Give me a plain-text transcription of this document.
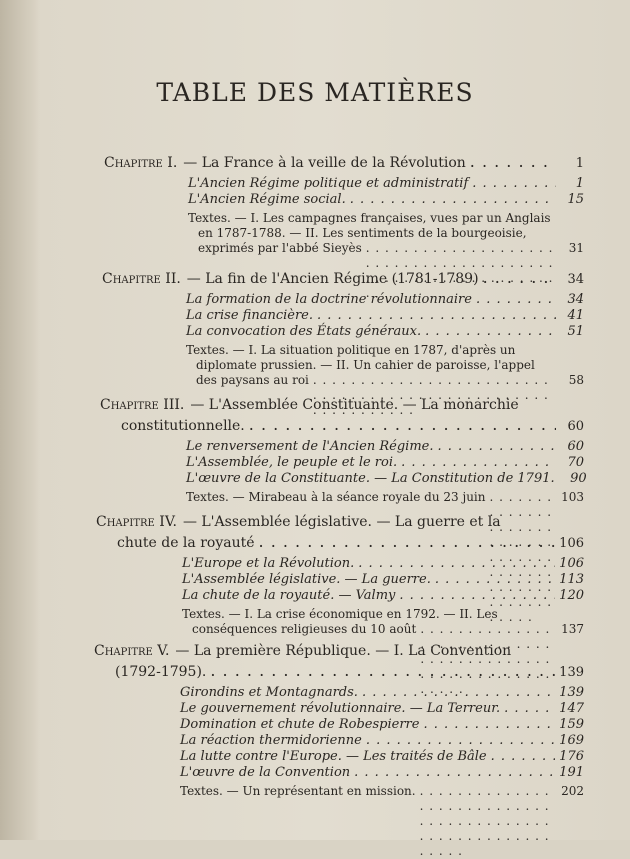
TABLE DES MATIÈRES
Chapitre I. — La France à la veille de la Révolution . . .	1
L'Ancien Régime politique et administratif . . .	1
L'Ancien Régime social. . . .	15
Textes. — I. Les campagnes françaises, vues par un Anglais
en 1787-1788. — II. Les sentiments de la bourgeoisie,
exprimés par l'abbé Sieyès . . .	31
Chapitre II. — La fin de l'Ancien Régime (1781-1789) . . .	34
La formation de la doctrine révolutionnaire . . .	34
La crise financière. . . .	41
La convocation des États généraux. . . .	51
Textes. — I. La situation politique en 1787, d'après un
diplomate prussien. — II. Un cahier de paroisse, l'appel
des paysans au roi . . .	58
Chapitre III. — L'Assemblée Constituante. — La monarchie
constitutionnelle. . . .	60
Le renversement de l'Ancien Régime. . . .	60
L'Assemblée, le peuple et le roi. . . .	70
L'œuvre de la Constituante. — La Constitution de 1791.	90
Textes. — Mirabeau à la séance royale du 23 juin . . .	103
Chapitre IV. — L'Assemblée législative. — La guerre et la
chute de la royauté . . .	106
L'Europe et la Révolution. . . .	106
L'Assemblée législative. — La guerre. . . .	113
La chute de la royauté. — Valmy . . .	120
Textes. — I. La crise économique en 1792. — II. Les
conséquences religieuses du 10 août . . .	137
Chapitre V. — La première République. — I. La Convention
(1792-1795). . . .	139
Girondins et Montagnards. . . .	139
Le gouvernement révolutionnaire. — La Terreur. . . .	147
Domination et chute de Robespierre . . .	159
La réaction thermidorienne . . .	169
La lutte contre l'Europe. — Les traités de Bâle . . .	176
L'œuvre de la Convention . . .	191
Textes. — Un représentant en mission. . . .	202
